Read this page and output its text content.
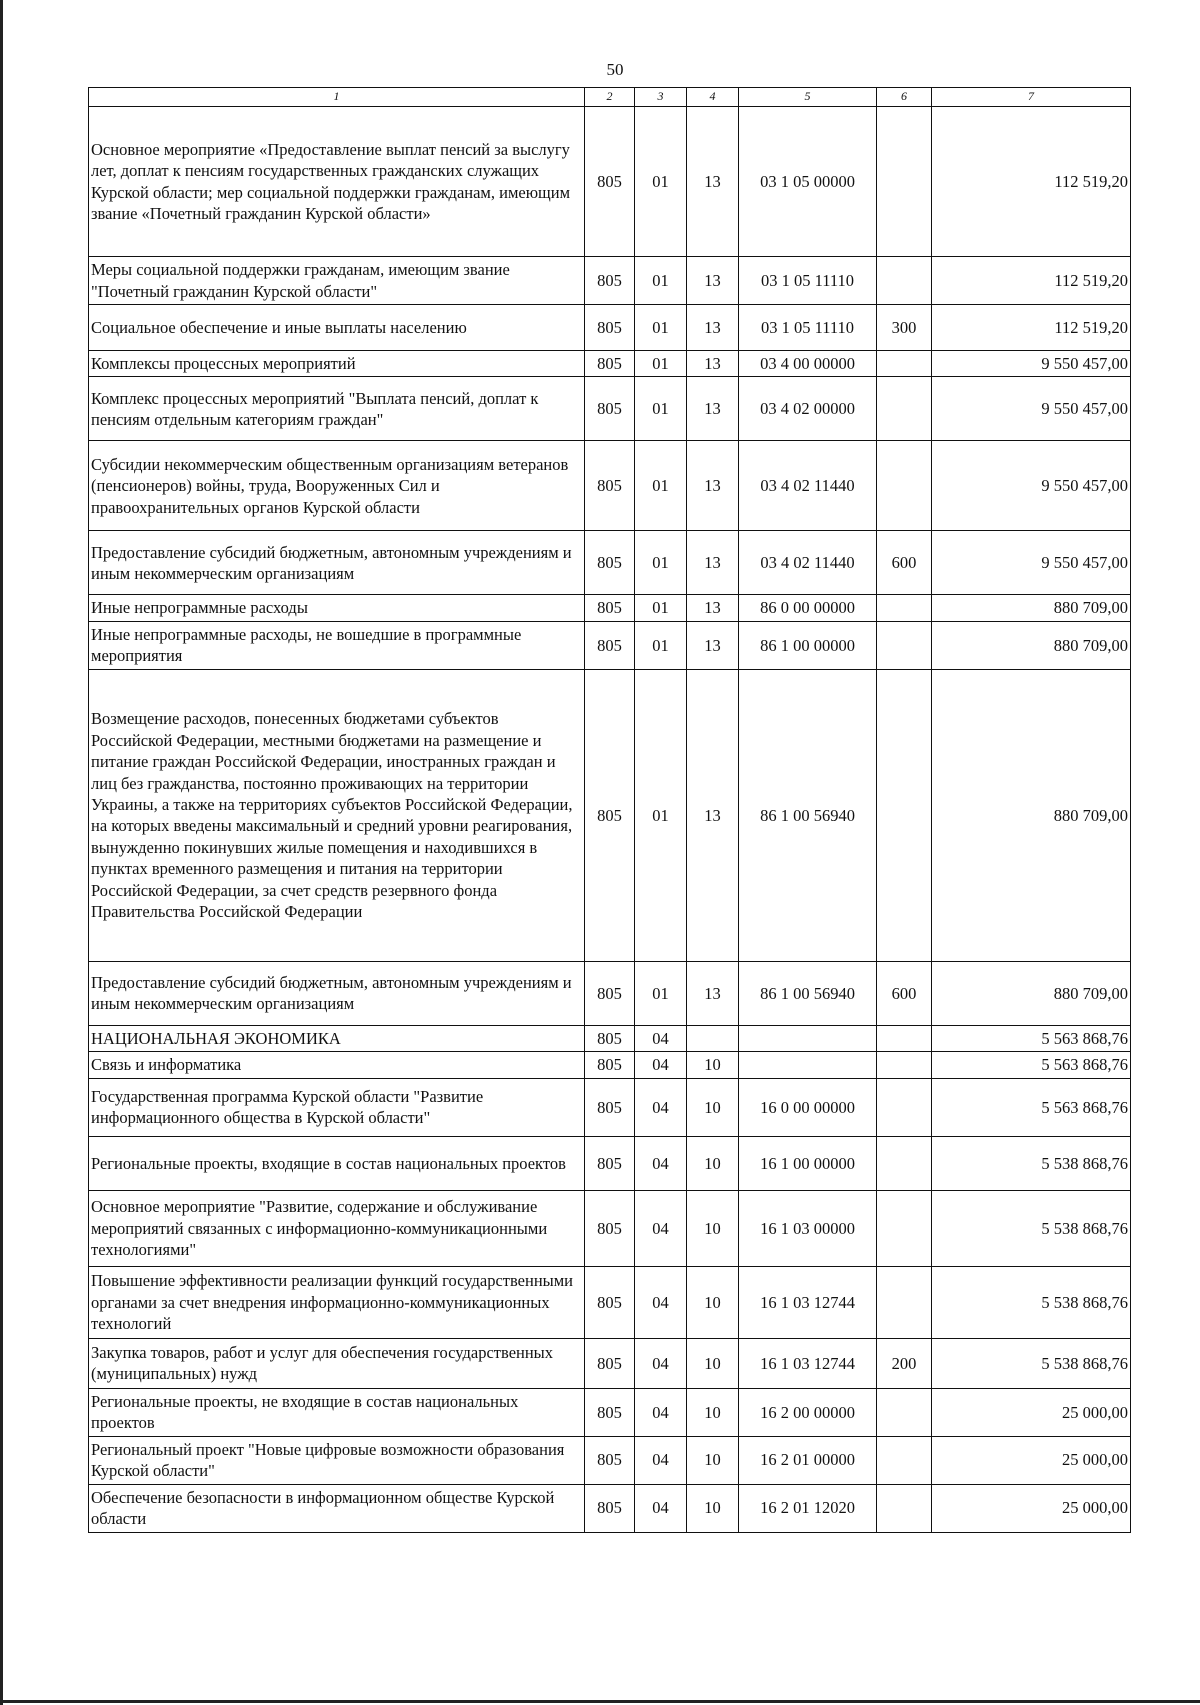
50
1	2	3	4	5	6	7
Основное мероприятие «Предоставление выплат пенсий за выслугу лет, доплат к пенсиям государственных гражданских служащих Курской области; мер социальной поддержки гражданам, имеющим звание «Почетный гражданин Курской области»	805	01	13	03 1 05 00000		112 519,20
Меры социальной поддержки гражданам, имеющим звание "Почетный гражданин Курской области"	805	01	13	03 1 05 11110		112 519,20
Социальное обеспечение и иные выплаты населению	805	01	13	03 1 05 11110	300	112 519,20
Комплексы процессных мероприятий	805	01	13	03 4 00 00000		9 550 457,00
Комплекс процессных мероприятий "Выплата пенсий, доплат к пенсиям отдельным категориям граждан"	805	01	13	03 4 02 00000		9 550 457,00
Субсидии некоммерческим общественным организациям ветеранов (пенсионеров) войны, труда, Вооруженных Сил и правоохранительных органов Курской области	805	01	13	03 4 02 11440		9 550 457,00
Предоставление субсидий бюджетным, автономным учреждениям и иным некоммерческим организациям	805	01	13	03 4 02 11440	600	9 550 457,00
Иные непрограммные расходы	805	01	13	86 0 00 00000		880 709,00
Иные непрограммные расходы, не вошедшие в программные мероприятия	805	01	13	86 1 00 00000		880 709,00
Возмещение расходов, понесенных бюджетами субъектов Российской Федерации, местными бюджетами на размещение и питание граждан Российской Федерации, иностранных граждан и лиц без гражданства, постоянно проживающих на территории Украины, а также на территориях субъектов Российской Федерации, на которых введены максимальный и средний уровни реагирования, вынужденно покинувших жилые помещения и находившихся в пунктах временного размещения и питания на территории Российской Федерации, за счет средств резервного фонда Правительства Российской Федерации	805	01	13	86 1 00 56940		880 709,00
Предоставление субсидий бюджетным, автономным учреждениям и иным некоммерческим организациям	805	01	13	86 1 00 56940	600	880 709,00
НАЦИОНАЛЬНАЯ ЭКОНОМИКА	805	04				5 563 868,76
Связь и информатика	805	04	10			5 563 868,76
Государственная программа Курской области "Развитие информационного общества в Курской области"	805	04	10	16 0 00 00000		5 563 868,76
Региональные проекты, входящие в состав национальных проектов	805	04	10	16 1 00 00000		5 538 868,76
Основное мероприятие "Развитие, содержание и обслуживание мероприятий связанных с информационно-коммуникационными технологиями"	805	04	10	16 1 03 00000		5 538 868,76
Повышение эффективности реализации функций государственными органами за счет внедрения информационно-коммуникационных технологий	805	04	10	16 1 03 12744		5 538 868,76
Закупка товаров, работ и услуг для обеспечения государственных (муниципальных) нужд	805	04	10	16 1 03 12744	200	5 538 868,76
Региональные проекты, не входящие в состав национальных проектов	805	04	10	16 2 00 00000		25 000,00
Региональный проект "Новые цифровые возможности образования Курской области"	805	04	10	16 2 01 00000		25 000,00
Обеспечение безопасности в информационном обществе Курской области	805	04	10	16 2 01 12020		25 000,00
